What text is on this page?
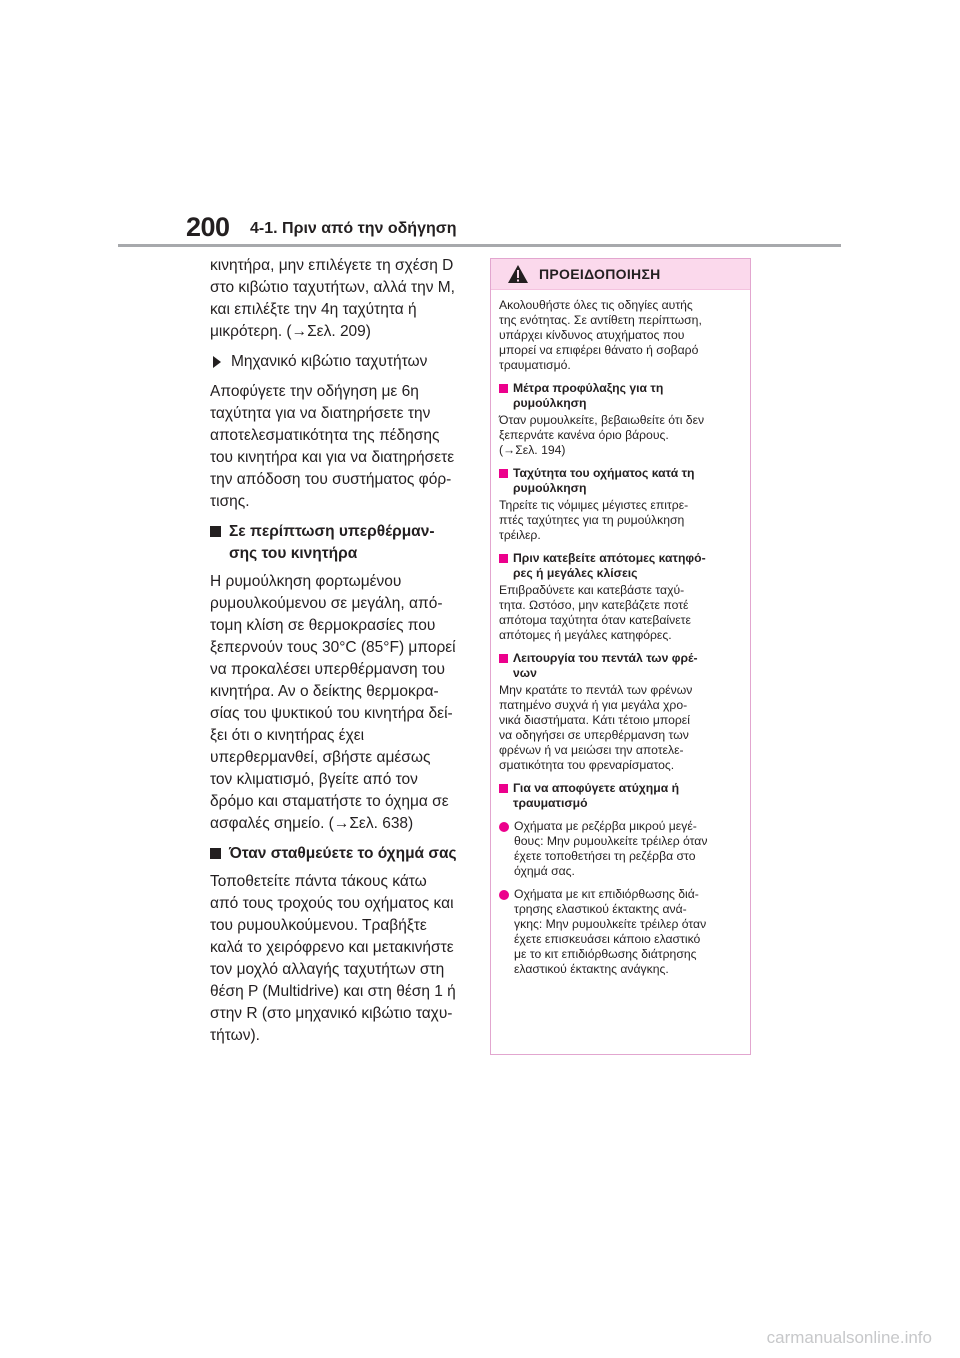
200 4-1. Πριν από την οδήγηση

κινητήρα, μην επιλέγετε τη σχέση D
στο κιβώτιο ταχυτήτων, αλλά την M,
και επιλέξτε την 4η ταχύτητα ή
μικρότερη. (→Σελ. 209)

Μηχανικό κιβώτιο ταχυτήτων

Αποφύγετε την οδήγηση με 6η
ταχύτητα για να διατηρήσετε την
αποτελεσματικότητα της πέδησης
του κινητήρα και για να διατηρήσετε
την απόδοση του συστήματος φόρ-
τισης.

Σε περίπτωση υπερθέρμαν-
σης του κινητήρα

Η ρυμούλκηση φορτωμένου
ρυμουλκούμενου σε μεγάλη, από-
τομη κλίση σε θερμοκρασίες που
ξεπερνούν τους 30°C (85°F) μπορεί
να προκαλέσει υπερθέρμανση του
κινητήρα. Αν ο δείκτης θερμοκρα-
σίας του ψυκτικού του κινητήρα δεί-
ξει ότι ο κινητήρας έχει
υπερθερμανθεί, σβήστε αμέσως
τον κλιματισμό, βγείτε από τον
δρόμο και σταματήστε το όχημα σε
ασφαλές σημείο. (→Σελ. 638)

Όταν σταθμεύετε το όχημά σας

Τοποθετείτε πάντα τάκους κάτω
από τους τροχούς του οχήματος και
του ρυμουλκούμενου. Τραβήξτε
καλά το χειρόφρενο και μετακινήστε
τον μοχλό αλλαγής ταχυτήτων στη
θέση P (Multidrive) και στη θέση 1 ή
στην R (στο μηχανικό κιβώτιο ταχυ-
τήτων).

ΠΡΟΕΙΔΟΠΟΙΗΣΗ

Ακολουθήστε όλες τις οδηγίες αυτής
της ενότητας. Σε αντίθετη περίπτωση,
υπάρχει κίνδυνος ατυχήματος που
μπορεί να επιφέρει θάνατο ή σοβαρό
τραυματισμό.

Μέτρα προφύλαξης για τη
ρυμούλκηση

Όταν ρυμουλκείτε, βεβαιωθείτε ότι δεν
ξεπερνάτε κανένα όριο βάρους.
(→Σελ. 194)

Ταχύτητα του οχήματος κατά τη
ρυμούλκηση

Τηρείτε τις νόμιμες μέγιστες επιτρε-
πτές ταχύτητες για τη ρυμούλκηση
τρέιλερ.

Πριν κατεβείτε απότομες κατηφό-
ρες ή μεγάλες κλίσεις

Επιβραδύνετε και κατεβάστε ταχύ-
τητα. Ωστόσο, μην κατεβάζετε ποτέ
απότομα ταχύτητα όταν κατεβαίνετε
απότομες ή μεγάλες κατηφόρες.

Λειτουργία του πεντάλ των φρέ-
νων

Μην κρατάτε το πεντάλ των φρένων
πατημένο συχνά ή για μεγάλα χρο-
νικά διαστήματα. Κάτι τέτοιο μπορεί
να οδηγήσει σε υπερθέρμανση των
φρένων ή να μειώσει την αποτελε-
σματικότητα του φρεναρίσματος.

Για να αποφύγετε ατύχημα ή
τραυματισμό
Οχήματα με ρεζέρβα μικρού μεγέ-
θους: Μην ρυμουλκείτε τρέιλερ όταν
έχετε τοποθετήσει τη ρεζέρβα στο
όχημά σας.
Οχήματα με κιτ επιδιόρθωσης διά-
τρησης ελαστικού έκτακτης ανά-
γκης: Μην ρυμουλκείτε τρέιλερ όταν
έχετε επισκευάσει κάποιο ελαστικό
με το κιτ επιδιόρθωσης διάτρησης
ελαστικού έκτακτης ανάγκης.
carmanualsonline.info
